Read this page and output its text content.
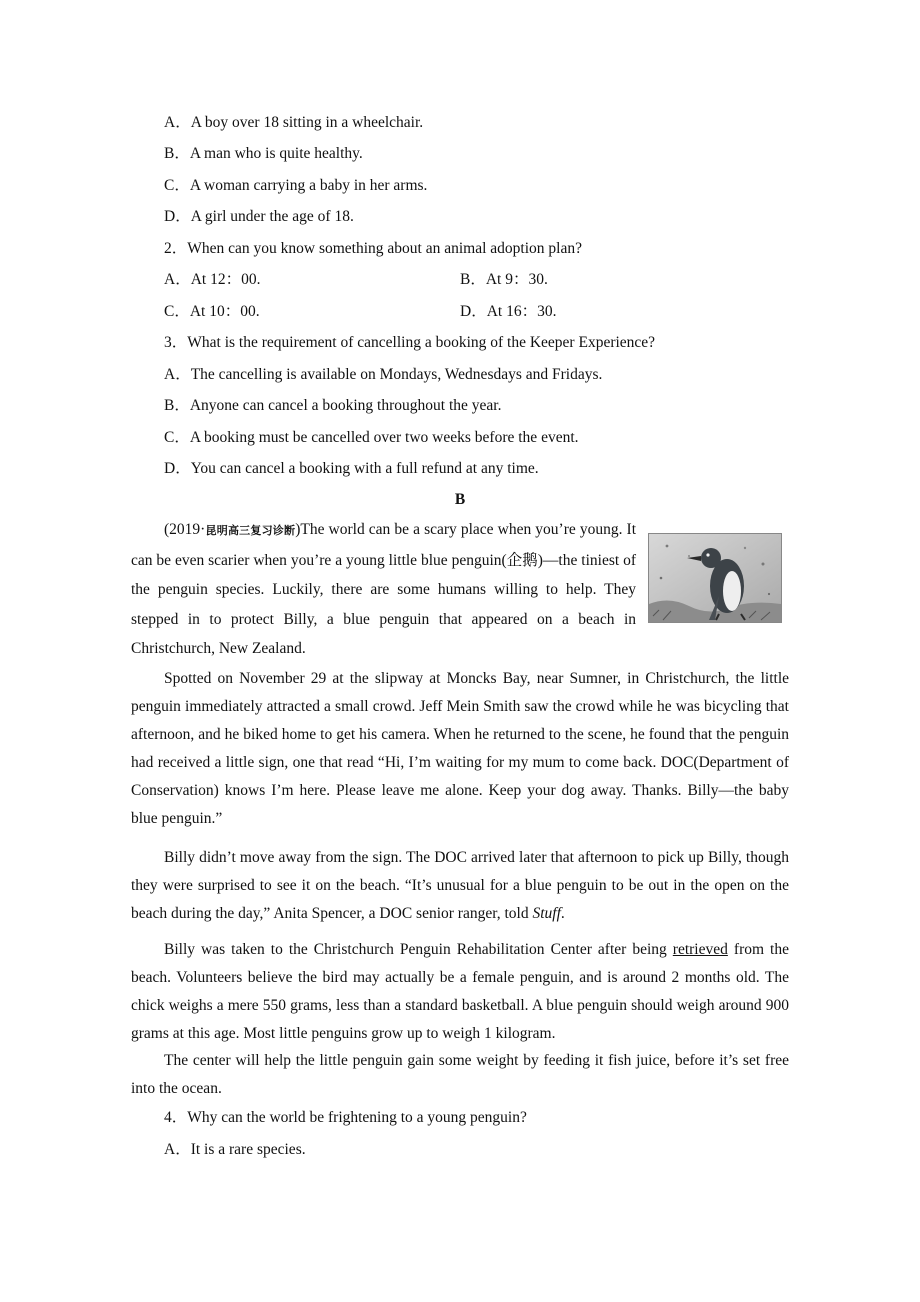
A．A boy over 18 sitting in a wheelchair.
B．A man who is quite healthy.
C．A woman carrying a baby in her arms.
D．A girl under the age of 18.
2．When can you know something about an animal adoption plan?
A．At 12：00.	B．At 9：30.
C．At 10：00.	D．At 16：30.
3．What is the requirement of cancelling a booking of the Keeper Experience?
A．The cancelling is available on Mondays, Wednesdays and Fridays.
B．Anyone can cancel a booking throughout the year.
C．A booking must be cancelled over two weeks before the event.
D．You can cancel a booking with a full refund at any time.
B

(2019·昆明高三复习诊断)The world can be a scary place when you’re young. It can be even scarier when you’re a young little blue penguin(企鹅)—the tiniest of the penguin species. Luckily, there are some humans willing to help. They stepped in to protect Billy, a blue penguin that appeared on a beach in Christchurch, New Zealand.

Spotted on November 29 at the slipway at Moncks Bay, near Sumner, in Christchurch, the little penguin immediately attracted a small crowd. Jeff Mein Smith saw the crowd while he was bicycling that afternoon, and he biked home to get his camera. When he returned to the scene, he found that the penguin had received a little sign, one that read “Hi, I’m waiting for my mum to come back. DOC(Department of Conservation) knows I’m here. Please leave me alone. Keep your dog away. Thanks. Billy—the baby blue penguin.”

Billy didn’t move away from the sign. The DOC arrived later that afternoon to pick up Billy, though they were surprised to see it on the beach. “It’s unusual for a blue penguin to be out in the open on the beach during the day,” Anita Spencer, a DOC senior ranger, told Stuff.

Billy was taken to the Christchurch Penguin Rehabilitation Center after being retrieved from the beach. Volunteers believe the bird may actually be a female penguin, and is around 2 months old. The chick weighs a mere 550 grams, less than a standard basketball. A blue penguin should weigh around 900 grams at this age. Most little penguins grow up to weigh 1 kilogram.

The center will help the little penguin gain some weight by feeding it fish juice, before it’s set free into the ocean.

4．Why can the world be frightening to a young penguin?
A．It is a rare species.
